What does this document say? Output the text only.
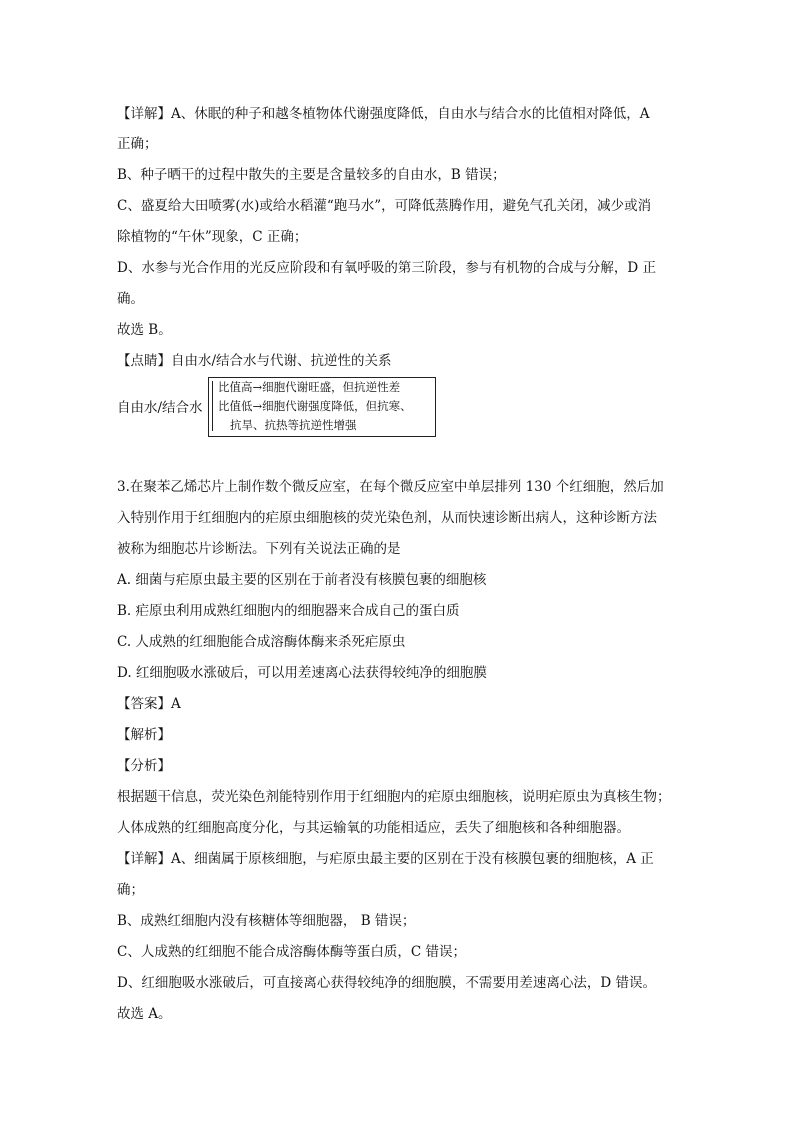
【详解】A、休眠的种子和越冬植物体代谢强度降低，自由水与结合水的比值相对降低，A
正确；
B、种子晒干的过程中散失的主要是含量较多的自由水，B 错误；
C、盛夏给大田喷雾(水)或给水稻灌“跑马水”，可降低蒸腾作用，避免气孔关闭，减少或消
除植物的“午休”现象，C 正确；
D、水参与光合作用的光反应阶段和有氧呼吸的第三阶段，参与有机物的合成与分解，D 正
确。
故选 B。
【点睛】自由水/结合水与代谢、抗逆性的关系
自由水/结合水
比值高→细胞代谢旺盛，但抗逆性差
比值低→细胞代谢强度降低，但抗寒、
抗旱、抗热等抗逆性增强
3.在聚苯乙烯芯片上制作数个微反应室，在每个微反应室中单层排列 130 个红细胞，然后加
入特别作用于红细胞内的疟原虫细胞核的荧光染色剂，从而快速诊断出病人，这种诊断方法
被称为细胞芯片诊断法。下列有关说法正确的是
A. 细菌与疟原虫最主要的区别在于前者没有核膜包裹的细胞核
B. 疟原虫利用成熟红细胞内的细胞器来合成自己的蛋白质
C. 人成熟的红细胞能合成溶酶体酶来杀死疟原虫
D. 红细胞吸水涨破后，可以用差速离心法获得较纯净的细胞膜
【答案】A
【解析】
【分析】
根据题干信息，荧光染色剂能特别作用于红细胞内的疟原虫细胞核，说明疟原虫为真核生物；
人体成熟的红细胞高度分化，与其运输氧的功能相适应，丢失了细胞核和各种细胞器。
【详解】A、细菌属于原核细胞，与疟原虫最主要的区别在于没有核膜包裹的细胞核，A 正
确；
B、成熟红细胞内没有核糖体等细胞器， B 错误；
C、人成熟的红细胞不能合成溶酶体酶等蛋白质，C 错误；
D、红细胞吸水涨破后，可直接离心获得较纯净的细胞膜，不需要用差速离心法，D 错误。
故选 A。
